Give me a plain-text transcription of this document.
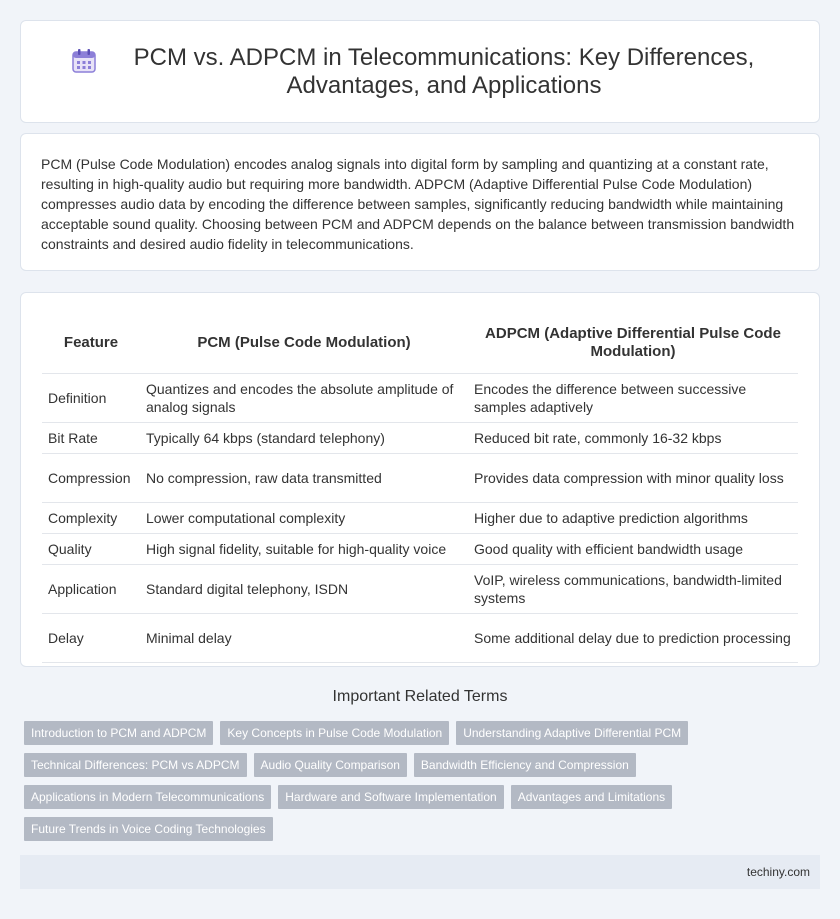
PCM vs. ADPCM in Telecommunications: Key Differences, Advantages, and Applications

PCM (Pulse Code Modulation) encodes analog signals into digital form by sampling and quantizing at a constant rate, resulting in high-quality audio but requiring more bandwidth. ADPCM (Adaptive Differential Pulse Code Modulation) compresses audio data by encoding the difference between samples, significantly reducing bandwidth while maintaining acceptable sound quality. Choosing between PCM and ADPCM depends on the balance between transmission bandwidth constraints and desired audio fidelity in telecommunications.

Feature	PCM (Pulse Code Modulation)	ADPCM (Adaptive Differential Pulse Code Modulation)
Definition	Quantizes and encodes the absolute amplitude of analog signals	Encodes the difference between successive samples adaptively
Bit Rate	Typically 64 kbps (standard telephony)	Reduced bit rate, commonly 16-32 kbps
Compression	No compression, raw data transmitted	Provides data compression with minor quality loss
Complexity	Lower computational complexity	Higher due to adaptive prediction algorithms
Quality	High signal fidelity, suitable for high-quality voice	Good quality with efficient bandwidth usage
Application	Standard digital telephony, ISDN	VoIP, wireless communications, bandwidth-limited systems
Delay	Minimal delay	Some additional delay due to prediction processing
Important Related Terms
Introduction to PCM and ADPCM	Key Concepts in Pulse Code Modulation	Understanding Adaptive Differential PCM
Technical Differences: PCM vs ADPCM	Audio Quality Comparison	Bandwidth Efficiency and Compression
Applications in Modern Telecommunications	Hardware and Software Implementation	Advantages and Limitations
Future Trends in Voice Coding Technologies
techiny.com
